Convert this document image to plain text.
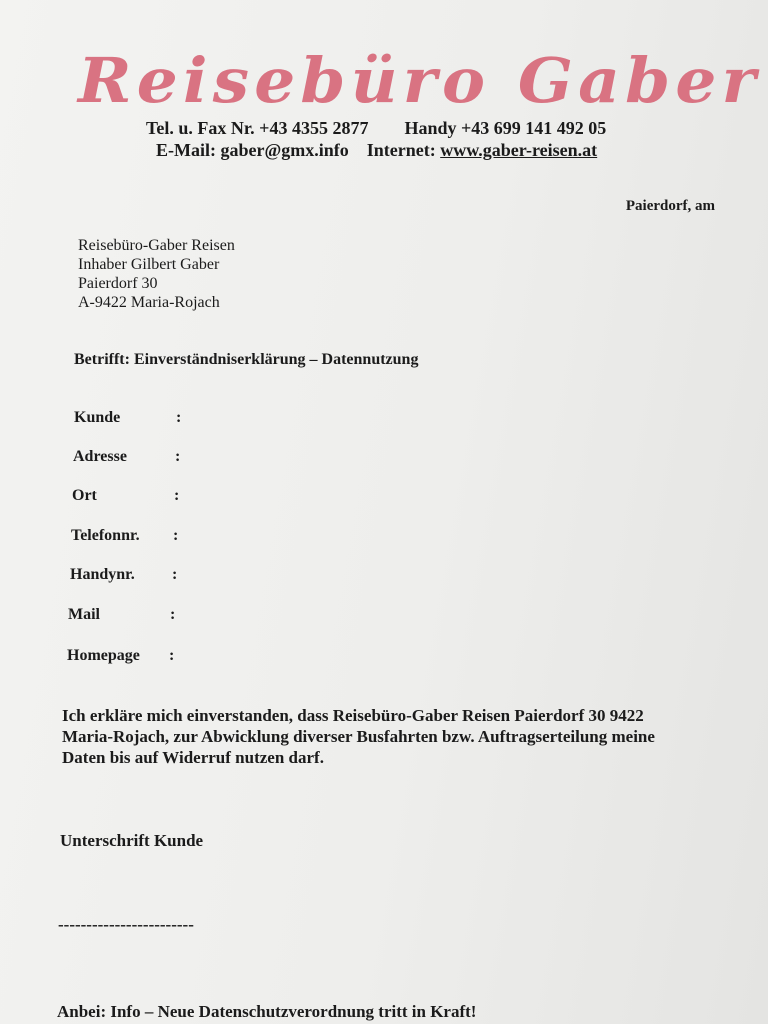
Reisebüro Gaber
Tel. u. Fax Nr. +43 4355 2877 Handy +43 699 141 492 05
E-Mail: gaber@gmx.info Internet: www.gaber-reisen.at
Paierdorf, am
Reisebüro-Gaber Reisen
Inhaber Gilbert Gaber
Paierdorf 30
A-9422 Maria-Rojach
Betrifft: Einverständniserklärung – Datennutzung
Kunde	:
Adresse	:
Ort	:
Telefonnr. :
Handynr. :
Mail	:
Homepage :
Ich erkläre mich einverstanden, dass Reisebüro-Gaber Reisen Paierdorf 30 9422
Maria-Rojach, zur Abwicklung diverser Busfahrten bzw. Auftragserteilung meine
Daten bis auf Widerruf nutzen darf.
Unterschrift Kunde
------------------------
Anbei: Info – Neue Datenschutzverordnung tritt in Kraft!
